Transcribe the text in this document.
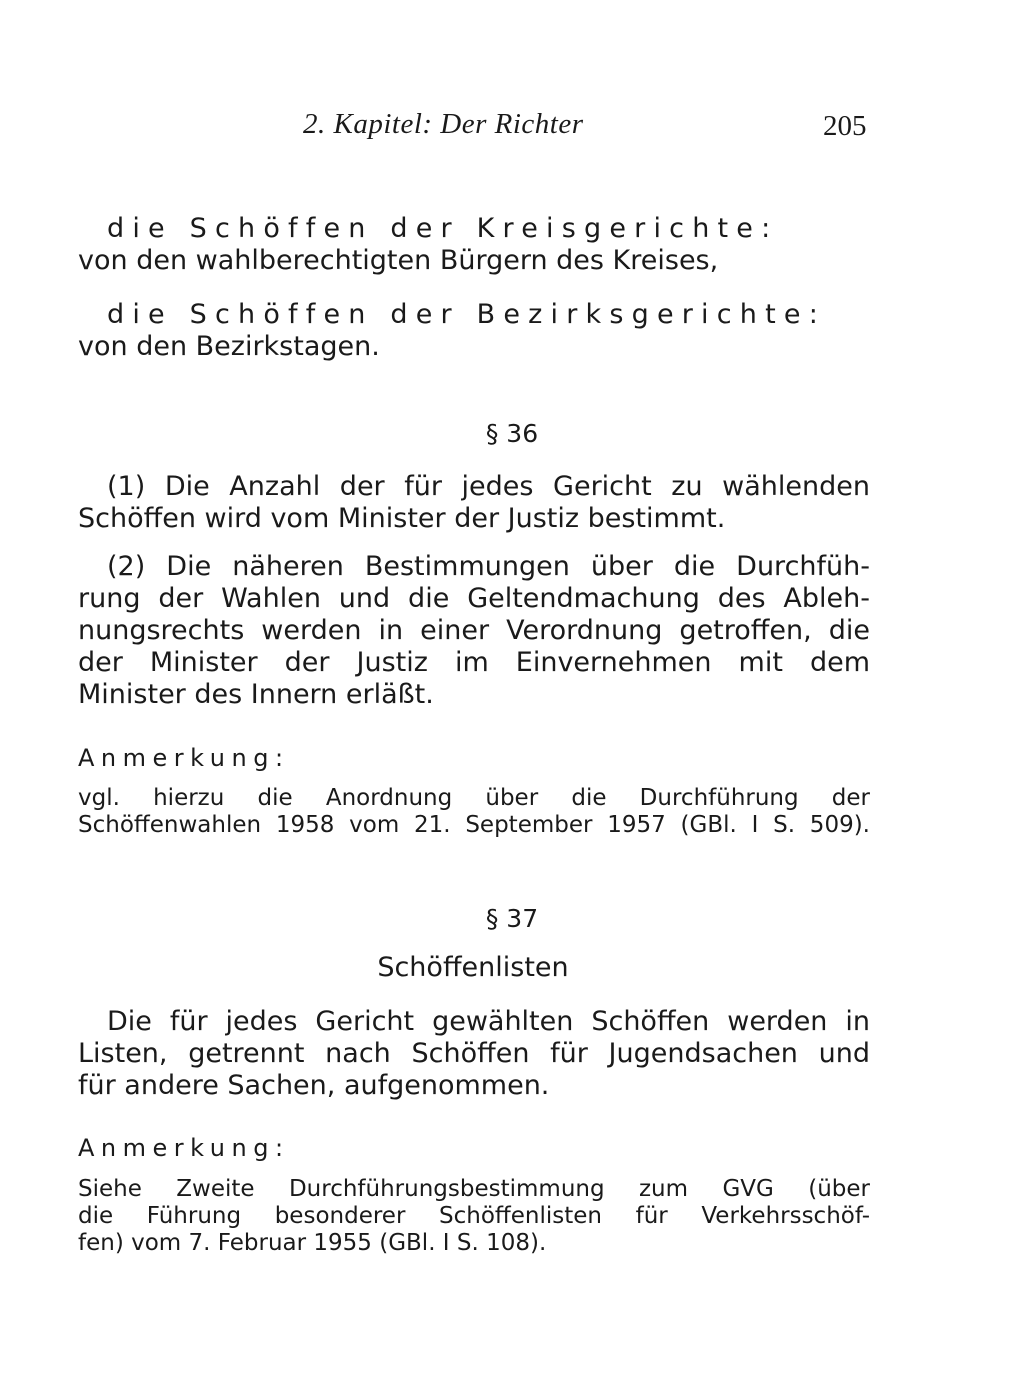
2. Kapitel: Der Richter	205
die Schöffen der Kreisgerichte:
von den wahlberechtigten Bürgern des Kreises,
die Schöffen der Bezirksgerichte:
von den Bezirkstagen.
§ 36
(1) Die Anzahl der für jedes Gericht zu wählenden
Schöffen wird vom Minister der Justiz bestimmt.
(2) Die näheren Bestimmungen über die Durchfüh-
rung der Wahlen und die Geltendmachung des Ableh-
nungsrechts werden in einer Verordnung getroffen, die
der Minister der Justiz im Einvernehmen mit dem
Minister des Innern erläßt.
Anmerkung:
vgl. hierzu die Anordnung über die Durchführung der
Schöffenwahlen 1958 vom 21. September 1957 (GBl. I S. 509).
§ 37
Schöffenlisten
Die für jedes Gericht gewählten Schöffen werden in
Listen, getrennt nach Schöffen für Jugendsachen und
für andere Sachen, aufgenommen.
Anmerkung:
Siehe Zweite Durchführungsbestimmung zum GVG (über
die Führung besonderer Schöffenlisten für Verkehrsschöf-
fen) vom 7. Februar 1955 (GBl. I S. 108).
